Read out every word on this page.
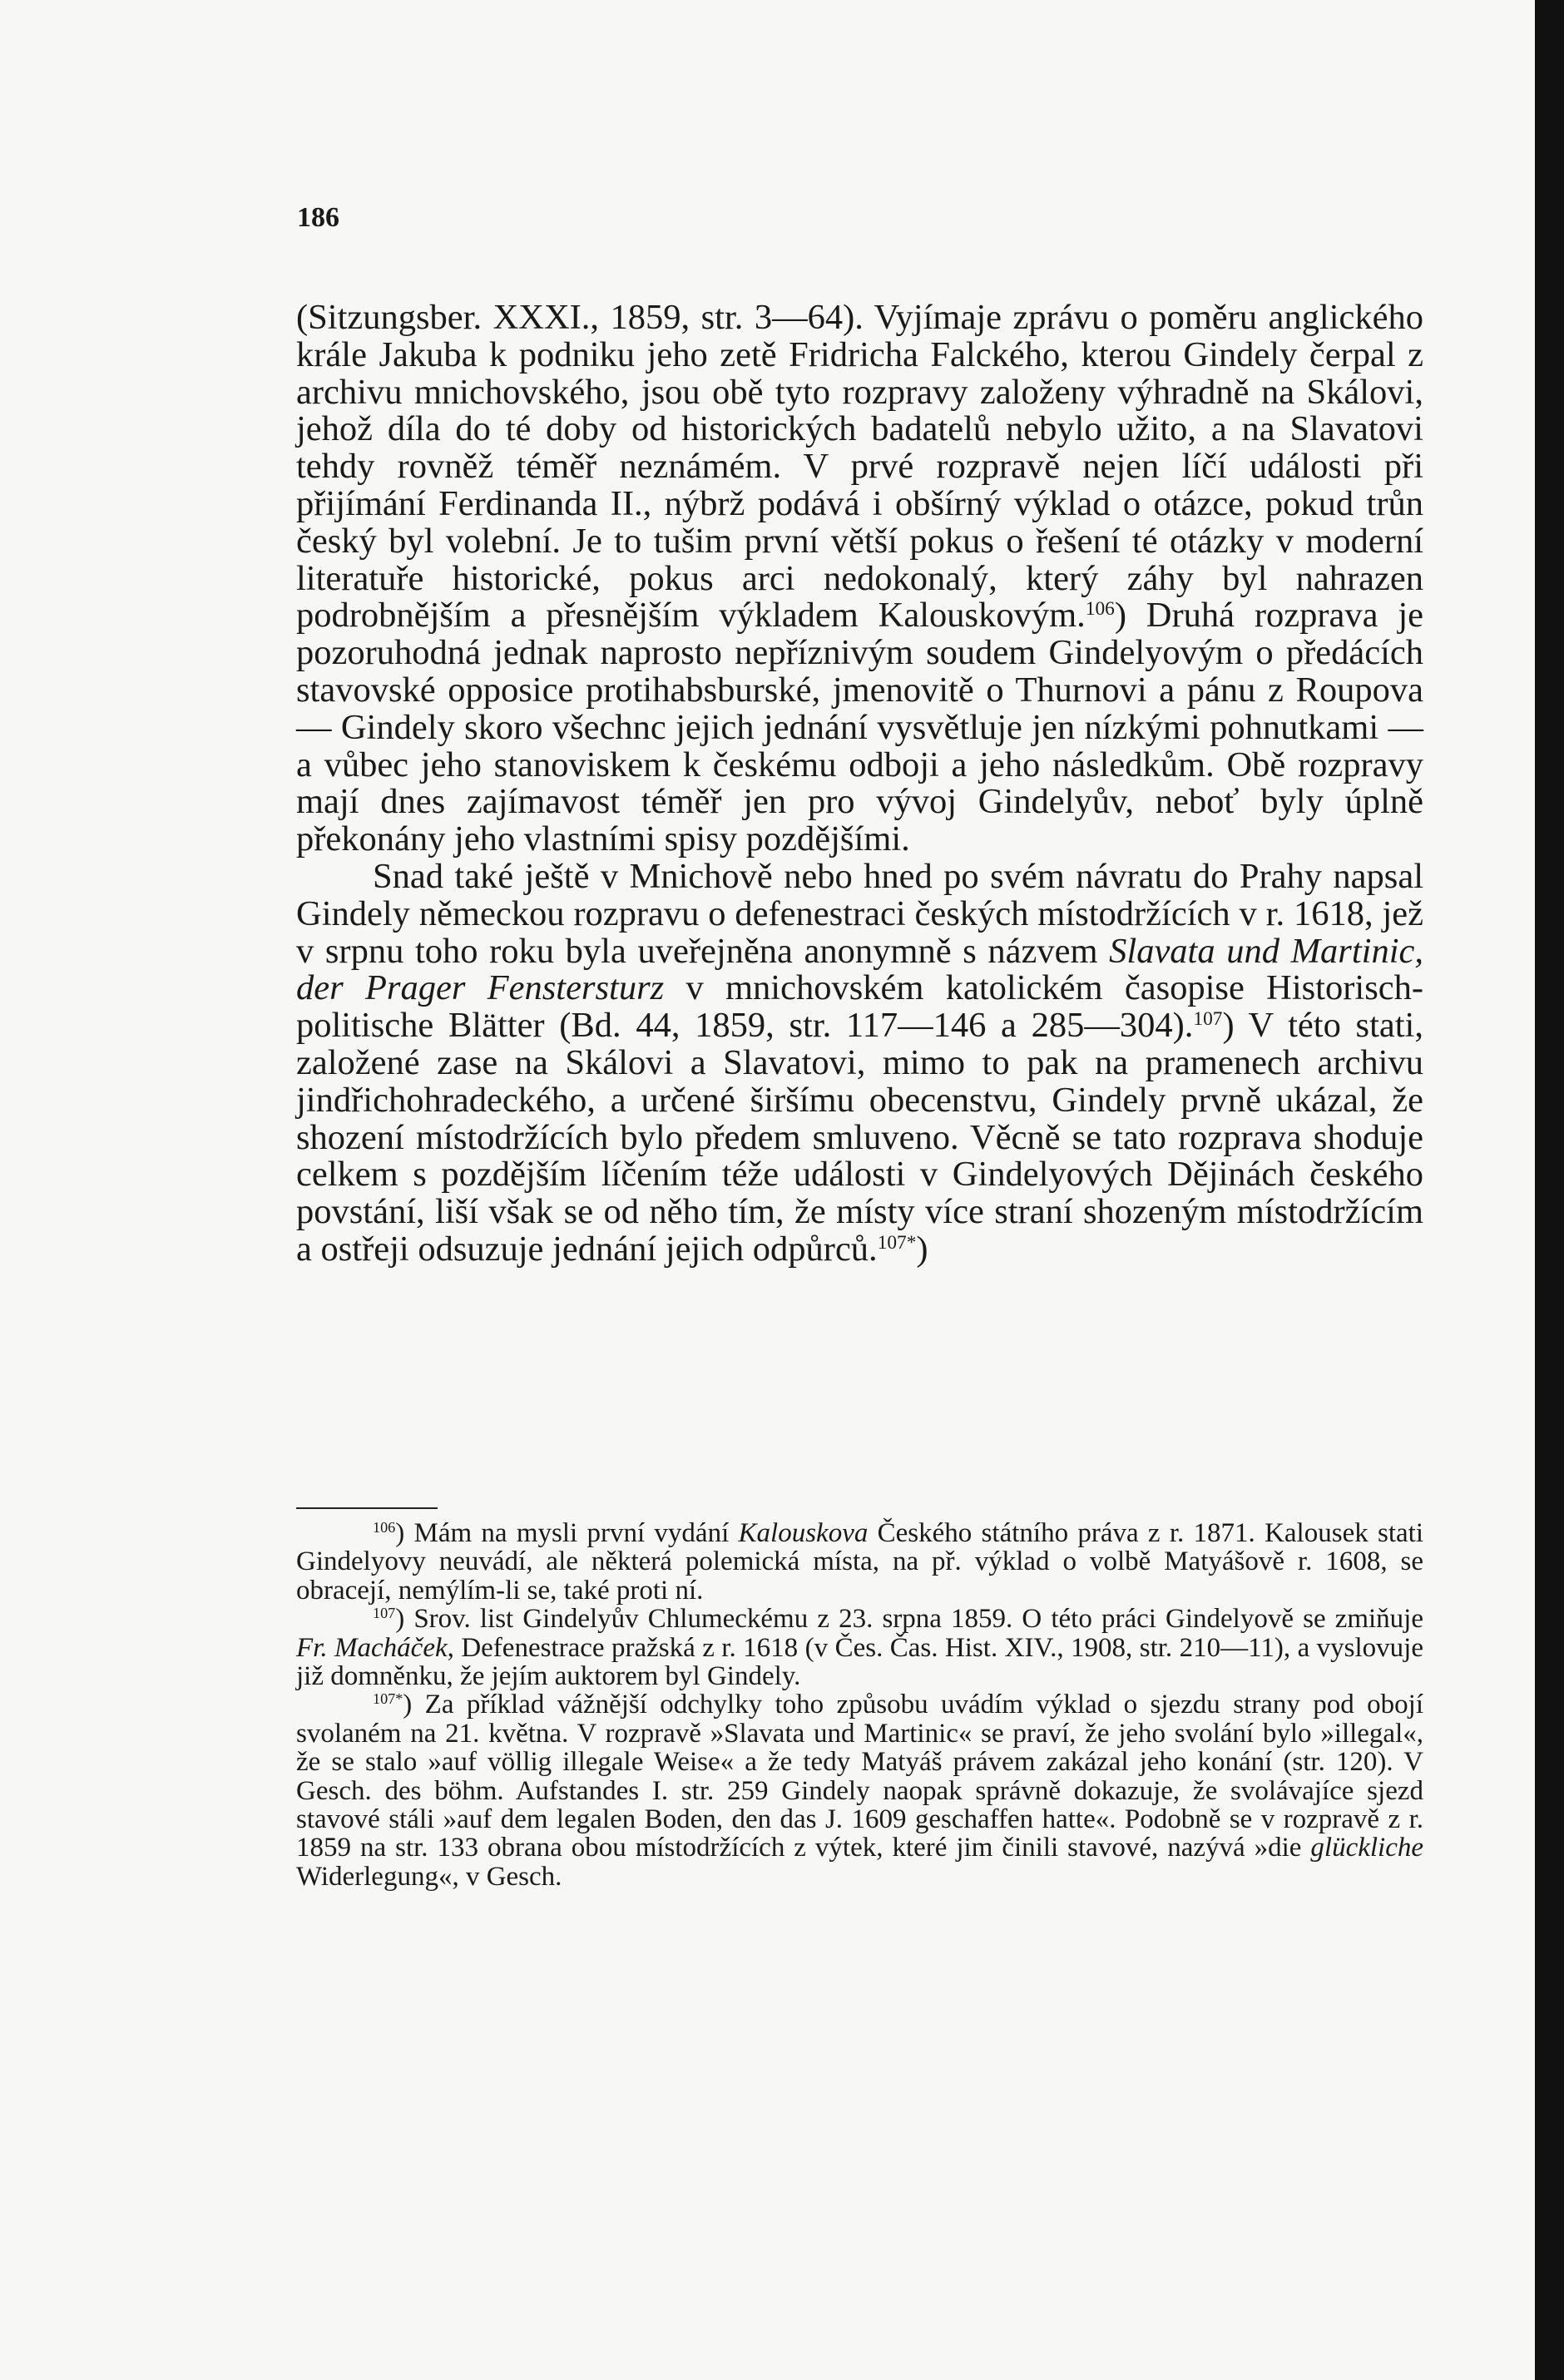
186

(Sitzungsber. XXXI., 1859, str. 3—64). Vyjímaje zprávu o poměru anglického krále Jakuba k podniku jeho zetě Fridricha Falckého, kterou Gindely čerpal z archivu mnichovského, jsou obě tyto rozpravy založeny výhradně na Skálovi, jehož díla do té doby od historických badatelů nebylo užito, a na Slavatovi tehdy rovněž téměř neznámém. V prvé rozpravě nejen líčí události při přijímání Ferdinanda II., nýbrž podává i obšírný výklad o otázce, pokud trůn český byl volební. Je to tušim první větší pokus o řešení té otázky v moderní literatuře historické, pokus arci nedokonalý, který záhy byl nahrazen podrobnějším a přesnějším výkladem Kalouskovým.$^{106}$) Druhá rozprava je pozoruhodná jednak naprosto nepříznivým soudem Gindelyovým o předácích stavovské opposice protihabsburské, jmenovitě o Thurnovi a pánu z Roupova — Gindely skoro všechnc jejich jednání vysvětluje jen nízkými pohnutkami — a vůbec jeho stanoviskem k českému odboji a jeho následkům. Obě rozpravy mají dnes zajímavost téměř jen pro vývoj Gindelyův, neboť byly úplně překonány jeho vlastními spisy pozdějšími.

Snad také ještě v Mnichově nebo hned po svém návratu do Prahy napsal Gindely německou rozpravu o defenestraci českých místodržících v r. 1618, jež v srpnu toho roku byla uveřejněna anonymně s názvem Slavata und Martinic, der Prager Fenstersturz v mnichovském katolickém časopise Historisch-politische Blätter (Bd. 44, 1859, str. 117—146 a 285—304).$^{107}$) V této stati, založené zase na Skálovi a Slavatovi, mimo to pak na pramenech archivu jindřichohradeckého, a určené širšímu obecenstvu, Gindely prvně ukázal, že shození místodržících bylo předem smluveno. Věcně se tato rozprava shoduje celkem s pozdějším líčením téže události v Gindelyových Dějinách českého povstání, liší však se od něho tím, že místy více straní shozeným místodržícím a ostřeji odsuzuje jednání jejich odpůrců.$^{107*}$)

$^{106}$) Mám na mysli první vydání Kalouskova Českého státního práva z r. 1871. Kalousek stati Gindelyovy neuvádí, ale některá polemická místa, na př. výklad o volbě Matyášově r. 1608, se obracejí, nemýlím-li se, také proti ní.

$^{107}$) Srov. list Gindelyův Chlumeckému z 23. srpna 1859. O této práci Gindelyově se zmiňuje Fr. Macháček, Defenestrace pražská z r. 1618 (v Čes. Čas. Hist. XIV., 1908, str. 210—11), a vyslovuje již domněnku, že jejím auktorem byl Gindely.

$^{107*}$) Za příklad vážnější odchylky toho způsobu uvádím výklad o sjezdu strany pod obojí svolaném na 21. května. V rozpravě »Slavata und Martinic« se praví, že jeho svolání bylo »illegal«, že se stalo »auf völlig illegale Weise« a že tedy Matyáš právem zakázal jeho konání (str. 120). V Gesch. des böhm. Aufstandes I. str. 259 Gindely naopak správně dokazuje, že svolávajíce sjezd stavové stáli »auf dem legalen Boden, den das J. 1609 geschaffen hatte«. Podobně se v rozpravě z r. 1859 na str. 133 obrana obou místodržících z výtek, které jim činili stavové, nazývá »die glückliche Widerlegung«, v Gesch.
